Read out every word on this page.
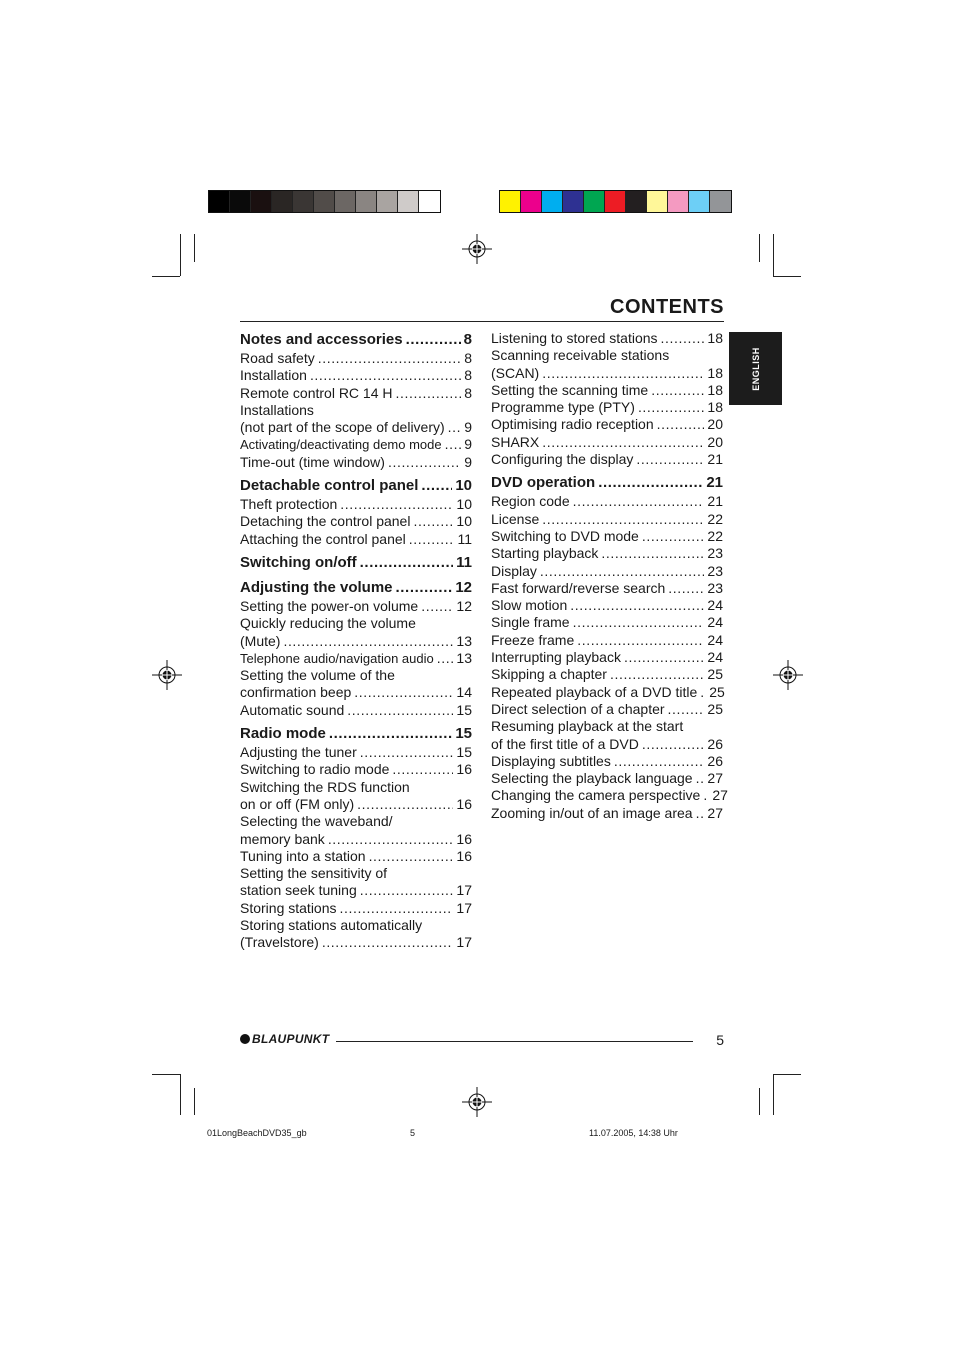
CONTENTS
Notes and accessories .....	8
Road safety .....	8
Installation .....	8
Remote control RC 14 H .....	8
Installations
(not part of the scope of delivery) ..... 9
Activating/deactivating demo mode ..... 9
Time-out (time window) .....	9
Detachable control panel ..... 10
Theft protection .....	10
Detaching the control panel .....	10
Attaching the control panel .....	11
Switching on/off .....	11
Adjusting the volume .....	12
Setting the power-on volume .....	12
Quickly reducing the volume
(Mute) .....	13
Telephone audio/navigation audio ..... 13
Setting the volume of the
confirmation beep .....	14
Automatic sound .....	15
Radio mode .....	15
Adjusting the tuner .....	15
Switching to radio mode .....	16
Switching the RDS function
on or off (FM only) .....	16
Selecting the waveband/
memory bank .....	16
Tuning into a station .....	16
Setting the sensitivity of
station seek tuning .....	17
Storing stations .....	17
Storing stations automatically
(Travelstore) .....	17
Listening to stored stations .....	18
Scanning receivable stations
(SCAN) .....	18
Setting the scanning time .....	18
Programme type (PTY) .....	18
Optimising radio reception .....	20
SHARX .....	20
Configuring the display .....	21
DVD operation .....	21
Region code .....	21
License .....	22
Switching to DVD mode .....	22
Starting playback .....	23
Display .....	23
Fast forward/reverse search .....	23
Slow motion .....	24
Single frame .....	24
Freeze frame .....	24
Interrupting playback .....	24
Skipping a chapter .....	25
Repeated playback of a DVD title ..... 25
Direct selection of a chapter .....	25
Resuming playback at the start
of the first title of a DVD .....	26
Displaying subtitles .....	26
Selecting the playback language ..... 27
Changing the camera perspective ..... 27
Zooming in/out of an image area ..... 27
ENGLISH
BLAUPUNKT	5
01LongBeachDVD35_gb	5	11.07.2005, 14:38 Uhr
